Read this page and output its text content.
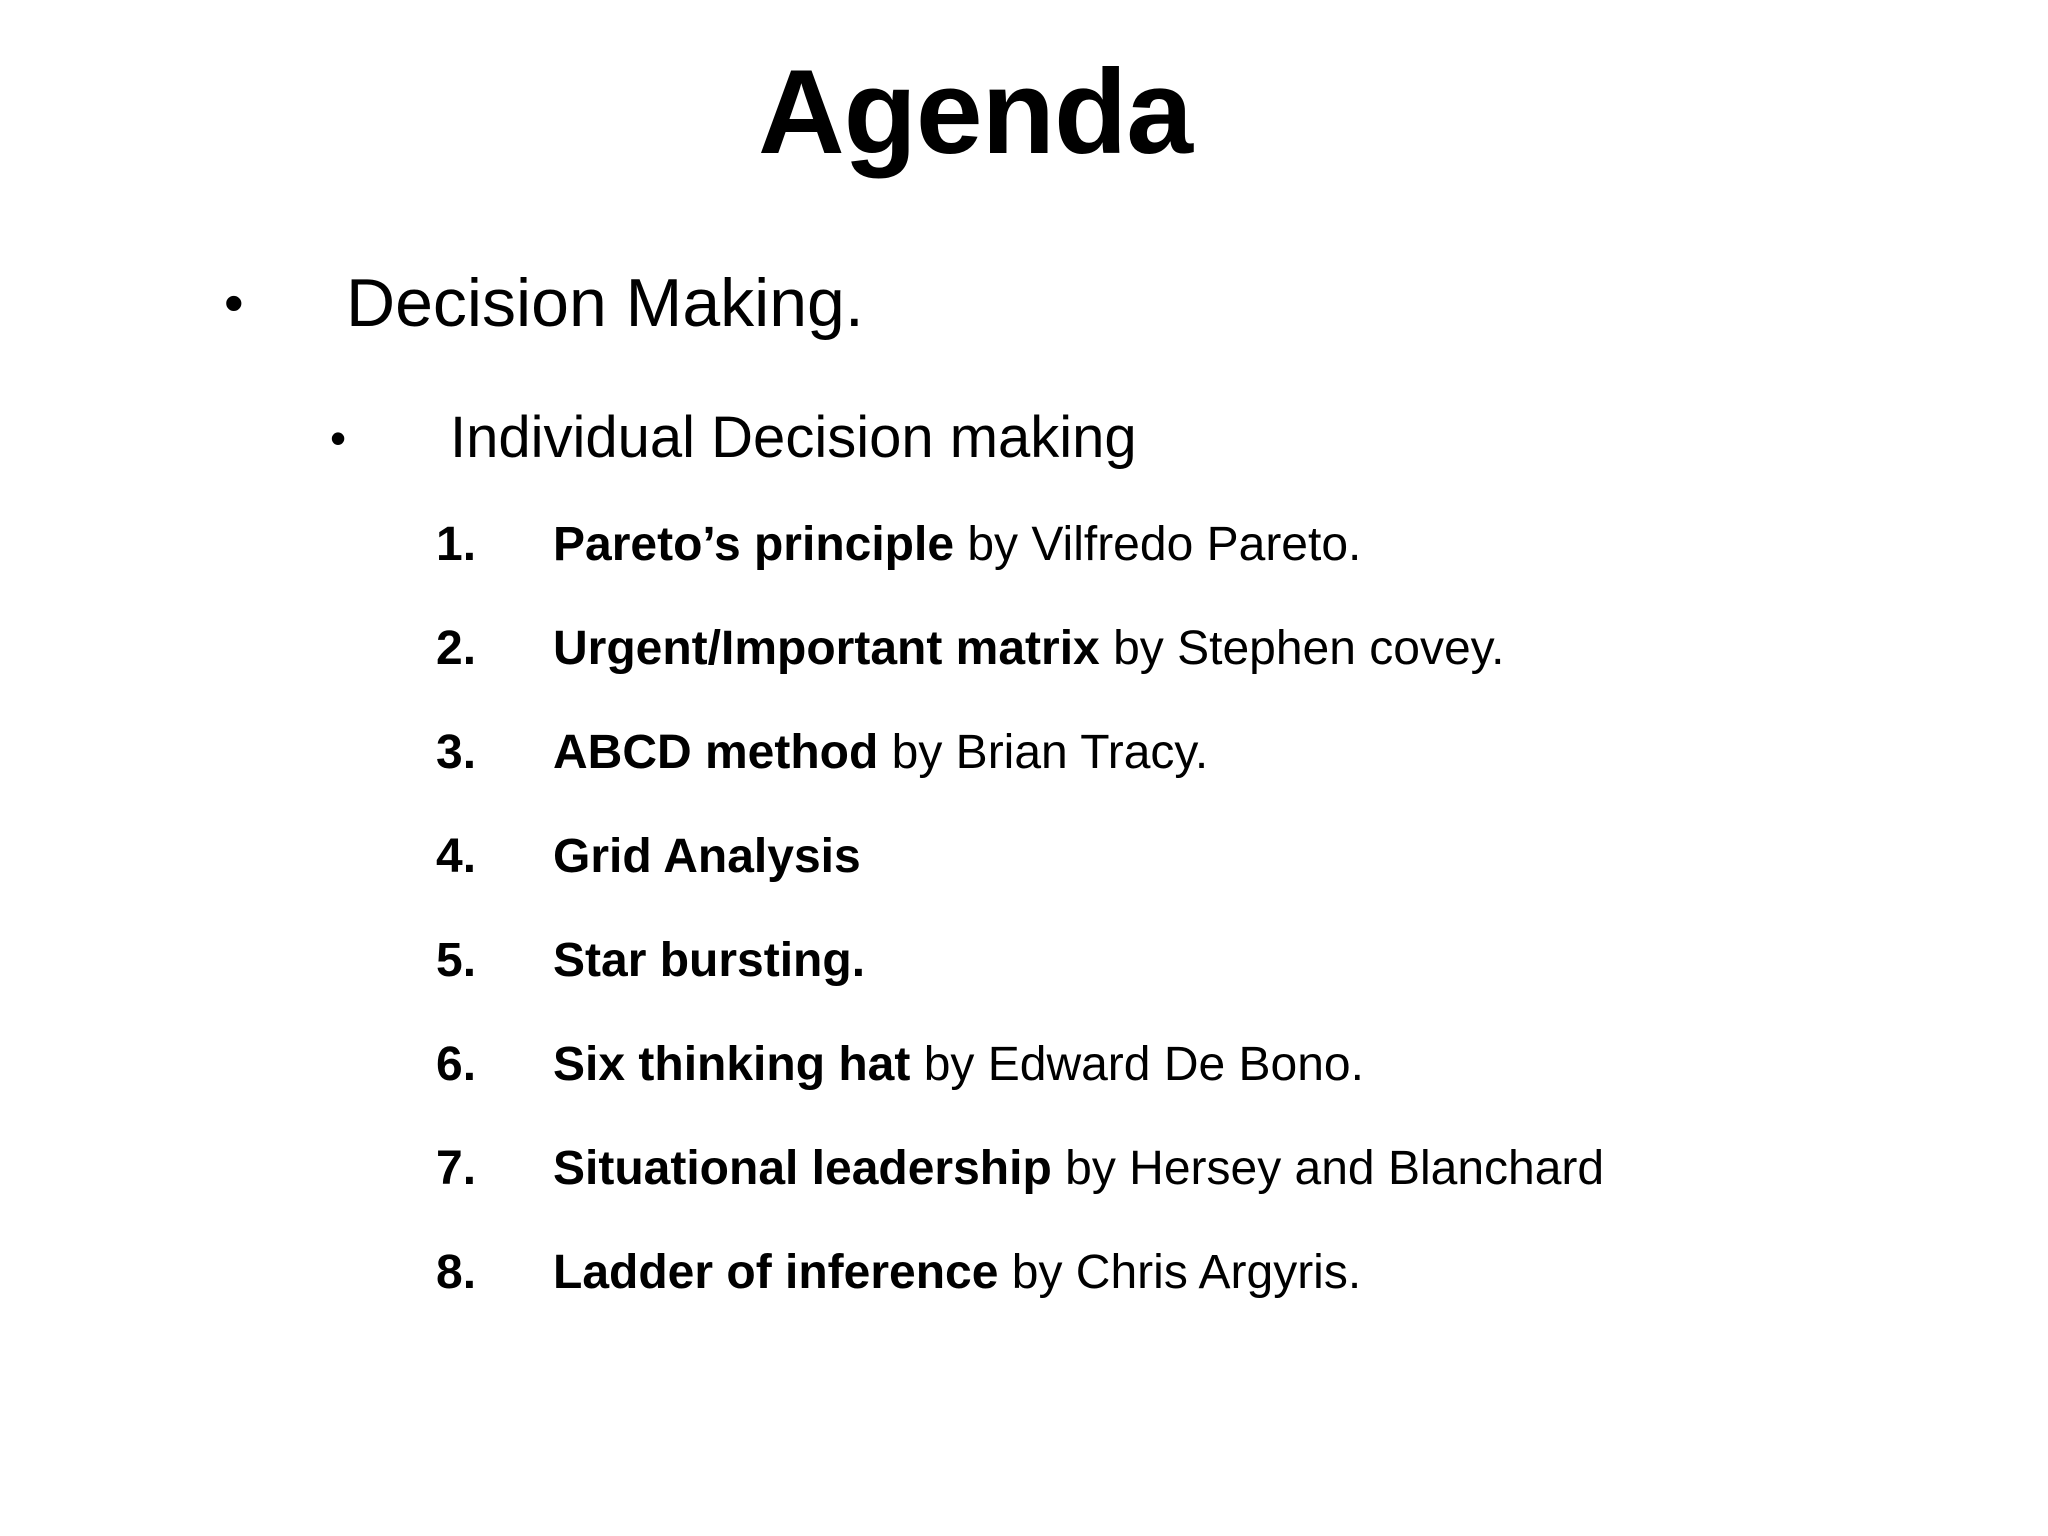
Agenda
• Decision Making.
• Individual Decision making
1. Pareto’s principle by Vilfredo Pareto.
2. Urgent/Important matrix by Stephen covey.
3. ABCD method by Brian Tracy.
4. Grid Analysis
5. Star bursting.
6. Six thinking hat by Edward De Bono.
7. Situational leadership by Hersey and Blanchard
8. Ladder of inference by Chris Argyris.
